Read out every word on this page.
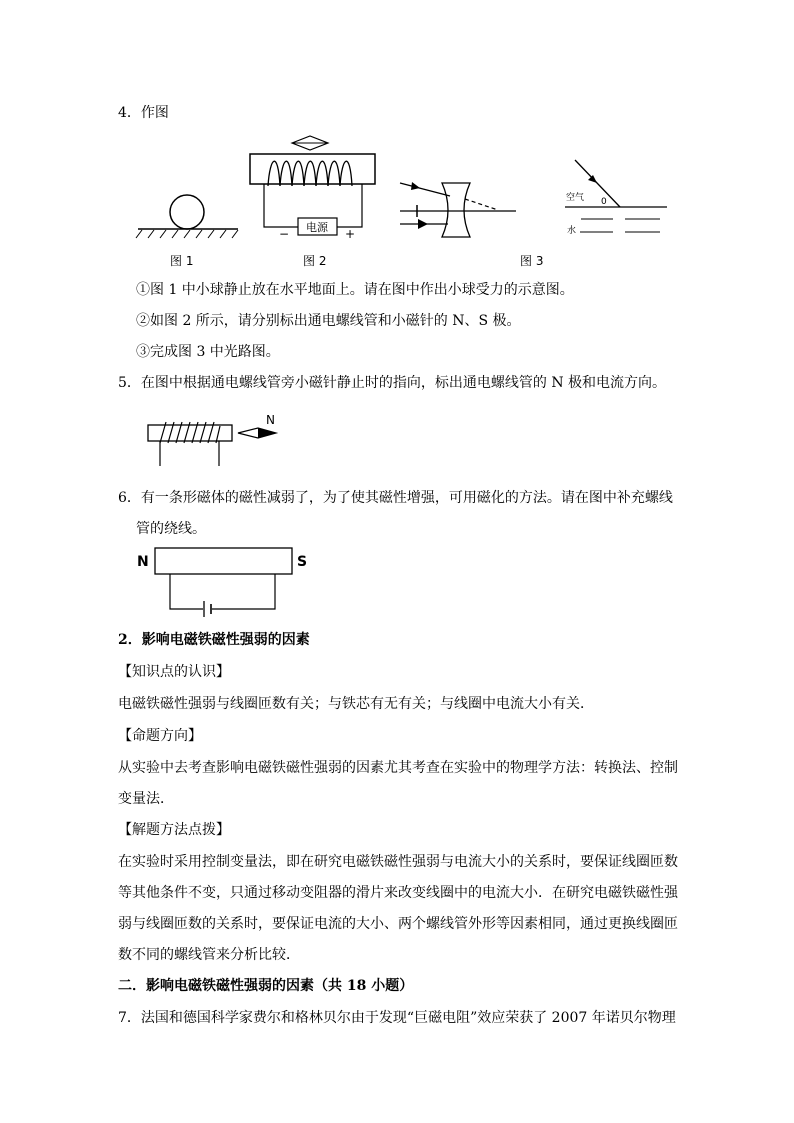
4．作图
电源
−	+
空气 0
水
图 1	图 2	图 3
①图 1 中小球静止放在水平地面上。请在图中作出小球受力的示意图。
②如图 2 所示，请分别标出通电螺线管和小磁针的 N、S 极。
③完成图 3 中光路图。
5．在图中根据通电螺线管旁小磁针静止时的指向，标出通电螺线管的 N 极和电流方向。
N
6．有一条形磁体的磁性减弱了，为了使其磁性增强，可用磁化的方法。请在图中补充螺线
管的绕线。
N	S
2．影响电磁铁磁性强弱的因素
【知识点的认识】
电磁铁磁性强弱与线圈匝数有关；与铁芯有无有关；与线圈中电流大小有关．
【命题方向】
从实验中去考查影响电磁铁磁性强弱的因素尤其考查在实验中的物理学方法：转换法、控制
变量法．
【解题方法点拨】
在实验时采用控制变量法，即在研究电磁铁磁性强弱与电流大小的关系时，要保证线圈匝数
等其他条件不变，只通过移动变阻器的滑片来改变线圈中的电流大小．在研究电磁铁磁性强
弱与线圈匝数的关系时，要保证电流的大小、两个螺线管外形等因素相同，通过更换线圈匝
数不同的螺线管来分析比较．
二．影响电磁铁磁性强弱的因素（共 18 小题）
7．法国和德国科学家费尔和格林贝尔由于发现“巨磁电阻”效应荣获了 2007 年诺贝尔物理
